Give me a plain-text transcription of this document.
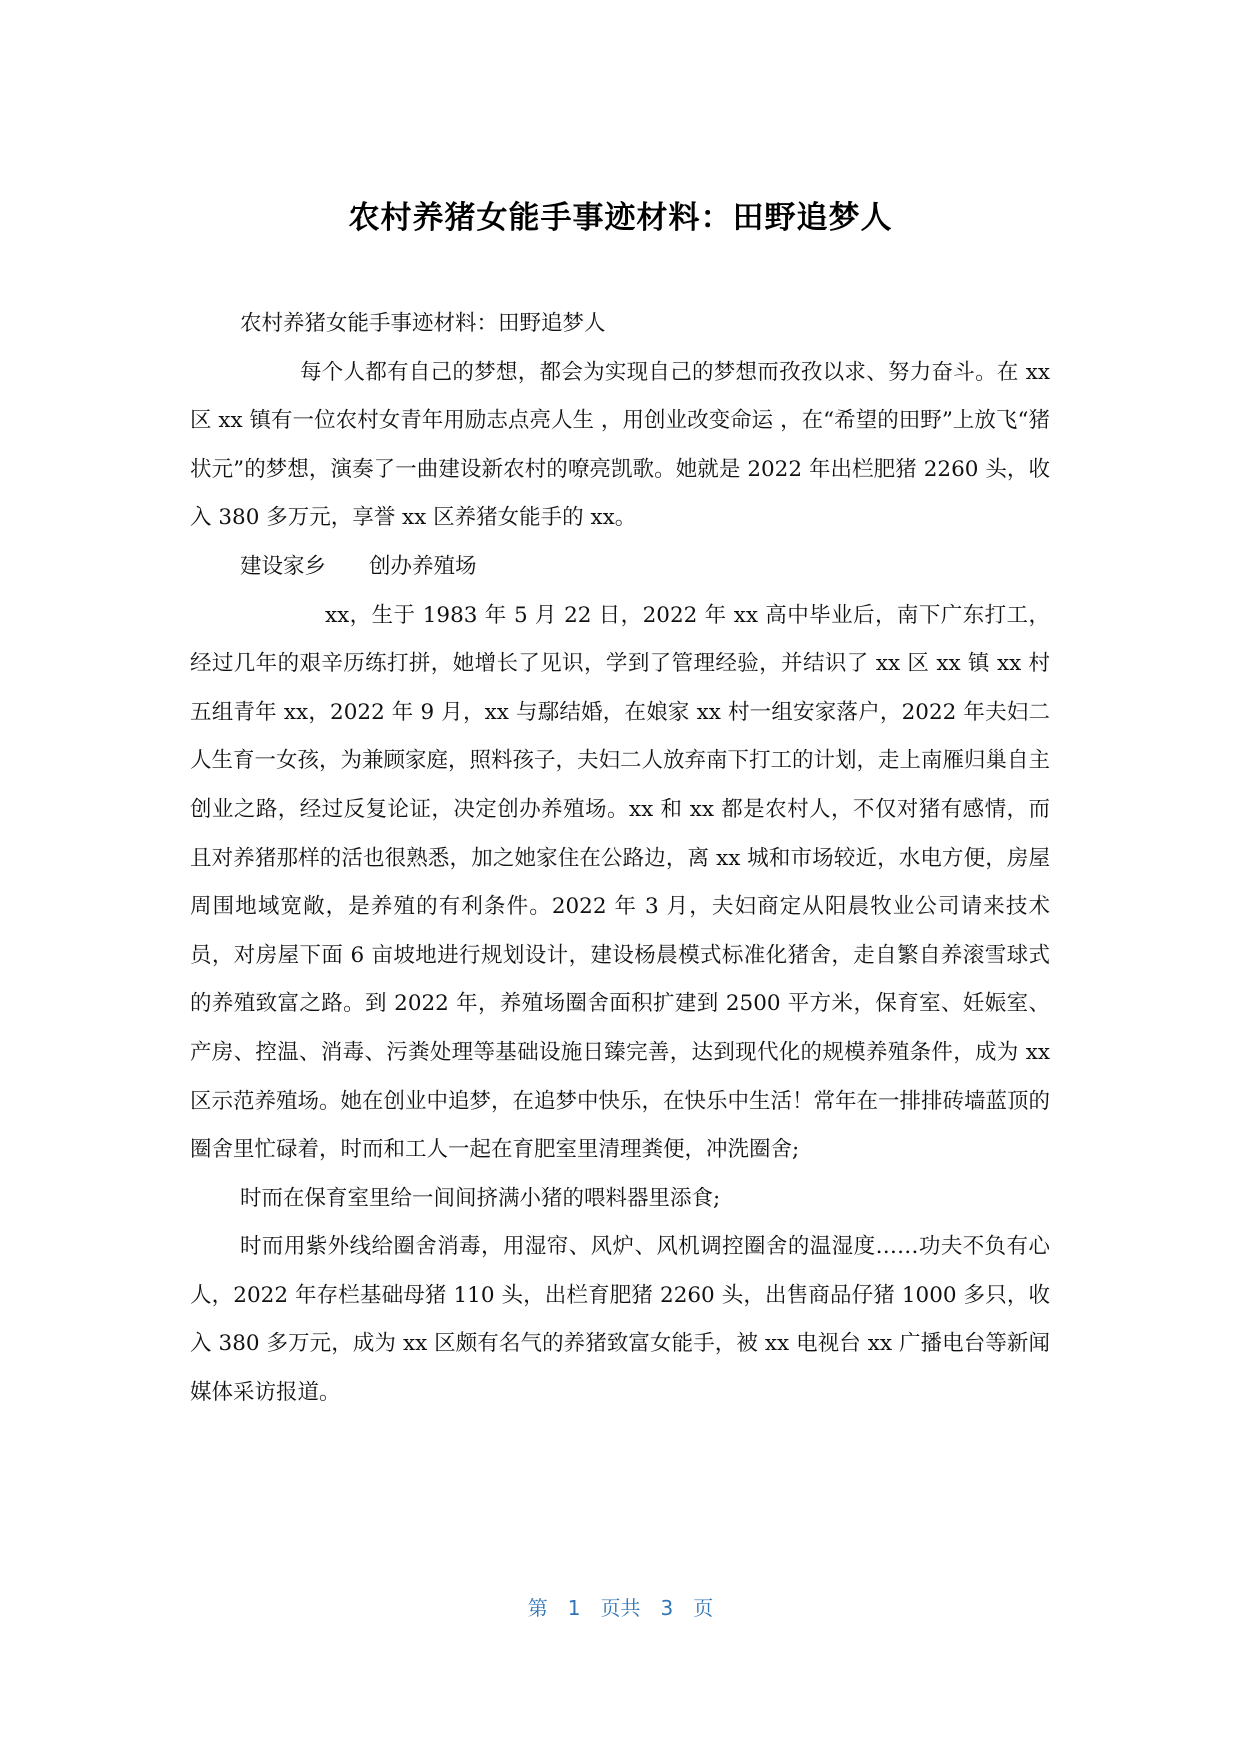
农村养猪女能手事迹材料：田野追梦人

农村养猪女能手事迹材料：田野追梦人

每个人都有自己的梦想，都会为实现自己的梦想而孜孜以求、努力奋斗。在 xx 区 xx 镇有一位农村女青年用励志点亮人生 ，用创业改变命运 ，在“希望的田野”上放飞“猪状元”的梦想，演奏了一曲建设新农村的嘹亮凯歌。她就是 2022 年出栏肥猪 2260 头，收入 380 多万元，享誉 xx 区养猪女能手的 xx。

建设家乡　　创办养殖场

xx，生于 1983 年 5 月 22 日，2022 年 xx 高中毕业后，南下广东打工，经过几年的艰辛历练打拼，她增长了见识，学到了管理经验，并结识了 xx 区 xx 镇 xx 村五组青年 xx，2022 年 9 月，xx 与鄢结婚，在娘家 xx 村一组安家落户，2022 年夫妇二人生育一女孩，为兼顾家庭，照料孩子，夫妇二人放弃南下打工的计划，走上南雁归巢自主创业之路，经过反复论证，决定创办养殖场。xx 和 xx 都是农村人，不仅对猪有感情，而且对养猪那样的活也很熟悉，加之她家住在公路边，离 xx 城和市场较近，水电方便，房屋周围地域宽敞，是养殖的有利条件。2022 年 3 月，夫妇商定从阳晨牧业公司请来技术员，对房屋下面 6 亩坡地进行规划设计，建设杨晨模式标准化猪舍，走自繁自养滚雪球式的养殖致富之路。到 2022 年，养殖场圈舍面积扩建到 2500 平方米，保育室、妊娠室、产房、控温、消毒、污粪处理等基础设施日臻完善，达到现代化的规模养殖条件，成为 xx 区示范养殖场。她在创业中追梦，在追梦中快乐，在快乐中生活！常年在一排排砖墙蓝顶的圈舍里忙碌着，时而和工人一起在育肥室里清理粪便，冲洗圈舍;

时而在保育室里给一间间挤满小猪的喂料器里添食;

时而用紫外线给圈舍消毒，用湿帘、风炉、风机调控圈舍的温湿度……功夫不负有心人，2022 年存栏基础母猪 110 头，出栏育肥猪 2260 头，出售商品仔猪 1000 多只，收入 380 多万元，成为 xx 区颇有名气的养猪致富女能手，被 xx 电视台 xx 广播电台等新闻媒体采访报道。

第 1 页共 3 页
